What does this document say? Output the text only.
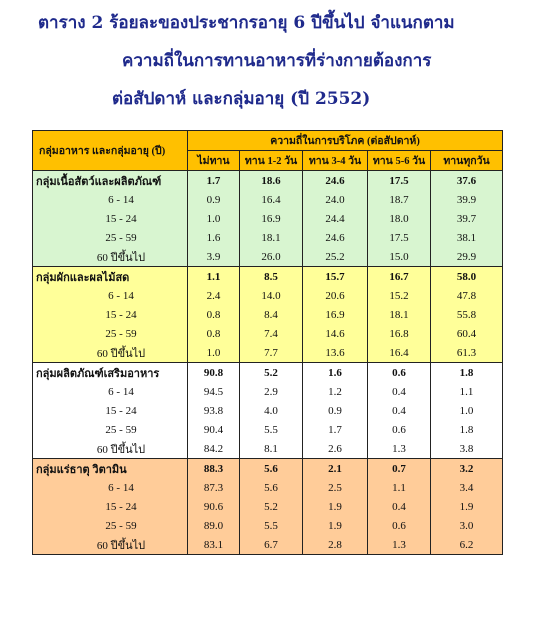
ตาราง 2 ร้อยละของประชากรอายุ 6 ปีขึ้นไป จำแนกตาม
ความถี่ในการทานอาหารที่ร่างกายต้องการ
ต่อสัปดาห์ และกลุ่มอายุ (ปี 2552)
กลุ่มอาหาร และกลุ่มอายุ (ปี)	ความถี่ในการบริโภค (ต่อสัปดาห์)				
	ไม่ทาน	ทาน 1-2 วัน	ทาน 3-4 วัน	ทาน 5-6 วัน	ทานทุกวัน
กลุ่มเนื้อสัตว์และผลิตภัณฑ์	1.7	18.6	24.6	17.5	37.6
6 - 14	0.9	16.4	24.0	18.7	39.9
15 - 24	1.0	16.9	24.4	18.0	39.7
25 - 59	1.6	18.1	24.6	17.5	38.1
60 ปีขึ้นไป	3.9	26.0	25.2	15.0	29.9
กลุ่มผักและผลไม้สด	1.1	8.5	15.7	16.7	58.0
6 - 14	2.4	14.0	20.6	15.2	47.8
15 - 24	0.8	8.4	16.9	18.1	55.8
25 - 59	0.8	7.4	14.6	16.8	60.4
60 ปีขึ้นไป	1.0	7.7	13.6	16.4	61.3
กลุ่มผลิตภัณฑ์เสริมอาหาร	90.8	5.2	1.6	0.6	1.8
6 - 14	94.5	2.9	1.2	0.4	1.1
15 - 24	93.8	4.0	0.9	0.4	1.0
25 - 59	90.4	5.5	1.7	0.6	1.8
60 ปีขึ้นไป	84.2	8.1	2.6	1.3	3.8
กลุ่มแร่ธาตุ วิตามิน	88.3	5.6	2.1	0.7	3.2
6 - 14	87.3	5.6	2.5	1.1	3.4
15 - 24	90.6	5.2	1.9	0.4	1.9
25 - 59	89.0	5.5	1.9	0.6	3.0
60 ปีขึ้นไป	83.1	6.7	2.8	1.3	6.2
